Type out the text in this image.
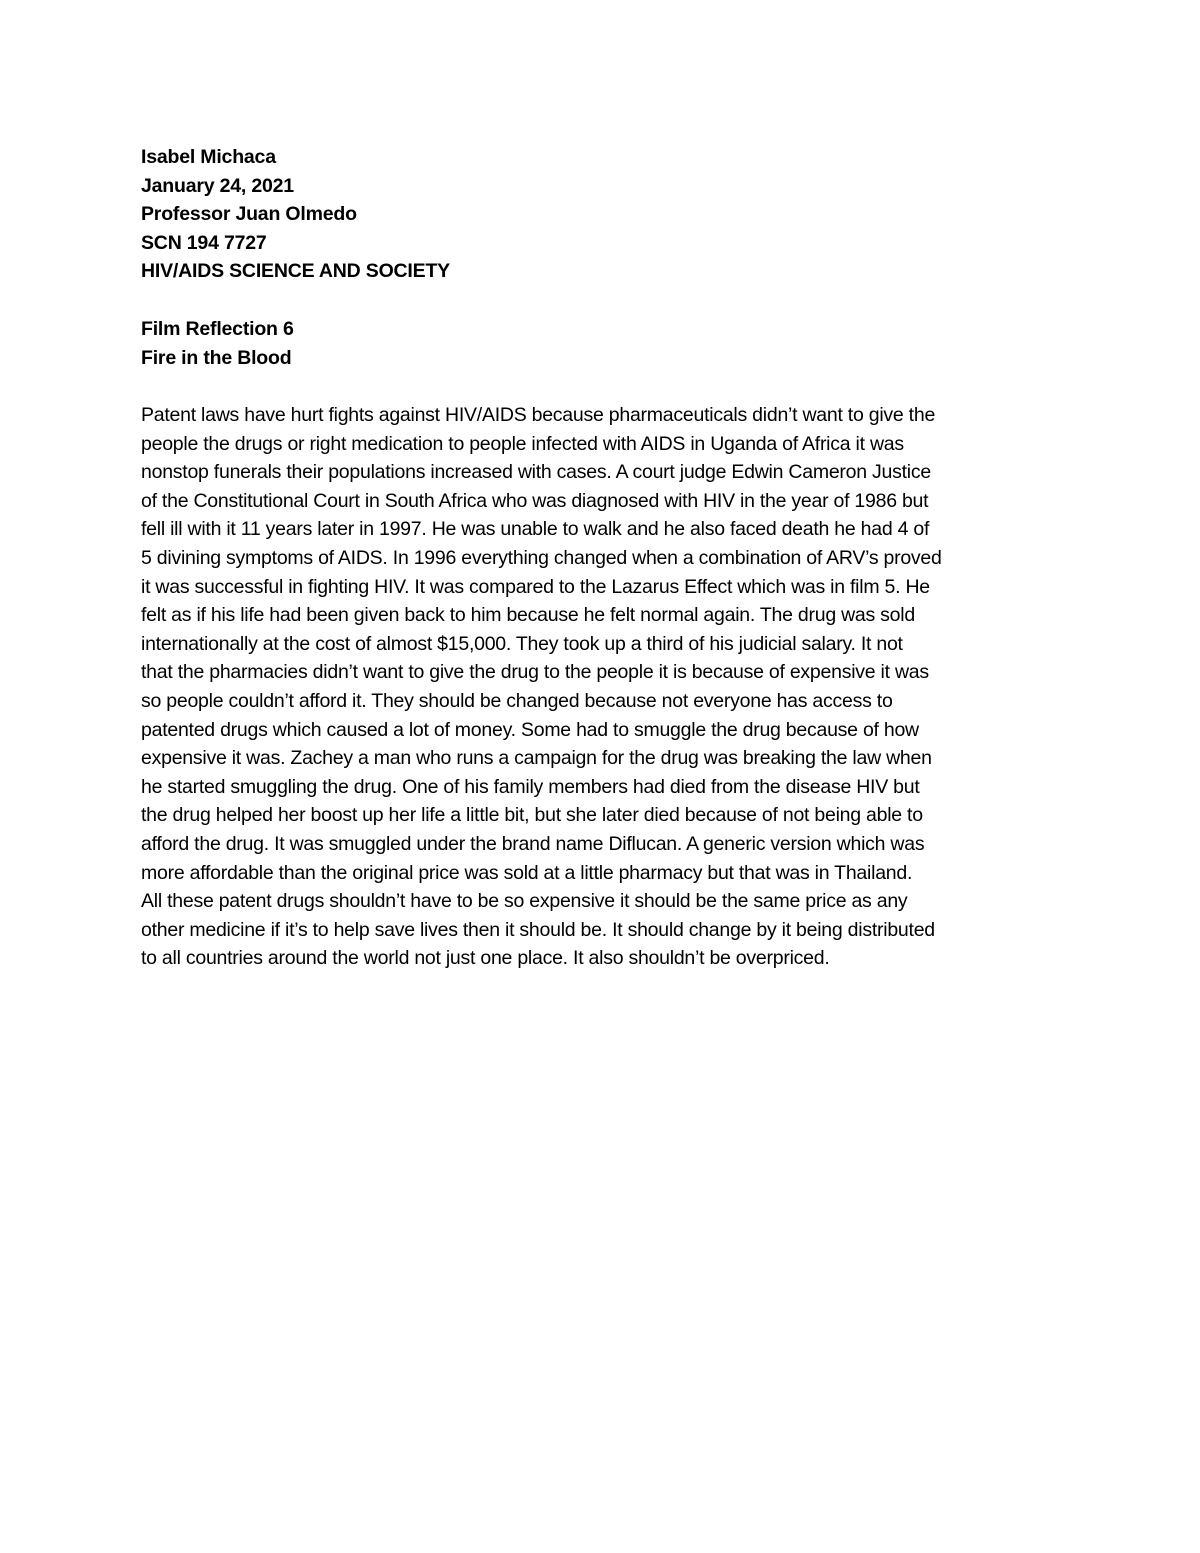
Isabel Michaca
January 24, 2021
Professor Juan Olmedo
SCN 194 7727
HIV/AIDS SCIENCE AND SOCIETY
Film Reflection 6
Fire in the Blood
Patent laws have hurt fights against HIV/AIDS because pharmaceuticals didn’t want to give the
people the drugs or right medication to people infected with AIDS in Uganda of Africa it was
nonstop funerals their populations increased with cases. A court judge Edwin Cameron Justice
of the Constitutional Court in South Africa who was diagnosed with HIV in the year of 1986 but
fell ill with it 11 years later in 1997. He was unable to walk and he also faced death he had 4 of
5 divining symptoms of AIDS. In 1996 everything changed when a combination of ARV’s proved
it was successful in fighting HIV. It was compared to the Lazarus Effect which was in film 5. He
felt as if his life had been given back to him because he felt normal again. The drug was sold
internationally at the cost of almost $15,000. They took up a third of his judicial salary. It not
that the pharmacies didn’t want to give the drug to the people it is because of expensive it was
so people couldn’t afford it. They should be changed because not everyone has access to
patented drugs which caused a lot of money. Some had to smuggle the drug because of how
expensive it was. Zachey a man who runs a campaign for the drug was breaking the law when
he started smuggling the drug. One of his family members had died from the disease HIV but
the drug helped her boost up her life a little bit, but she later died because of not being able to
afford the drug. It was smuggled under the brand name Diflucan. A generic version which was
more affordable than the original price was sold at a little pharmacy but that was in Thailand.
All these patent drugs shouldn’t have to be so expensive it should be the same price as any
other medicine if it’s to help save lives then it should be. It should change by it being distributed
to all countries around the world not just one place. It also shouldn’t be overpriced.
